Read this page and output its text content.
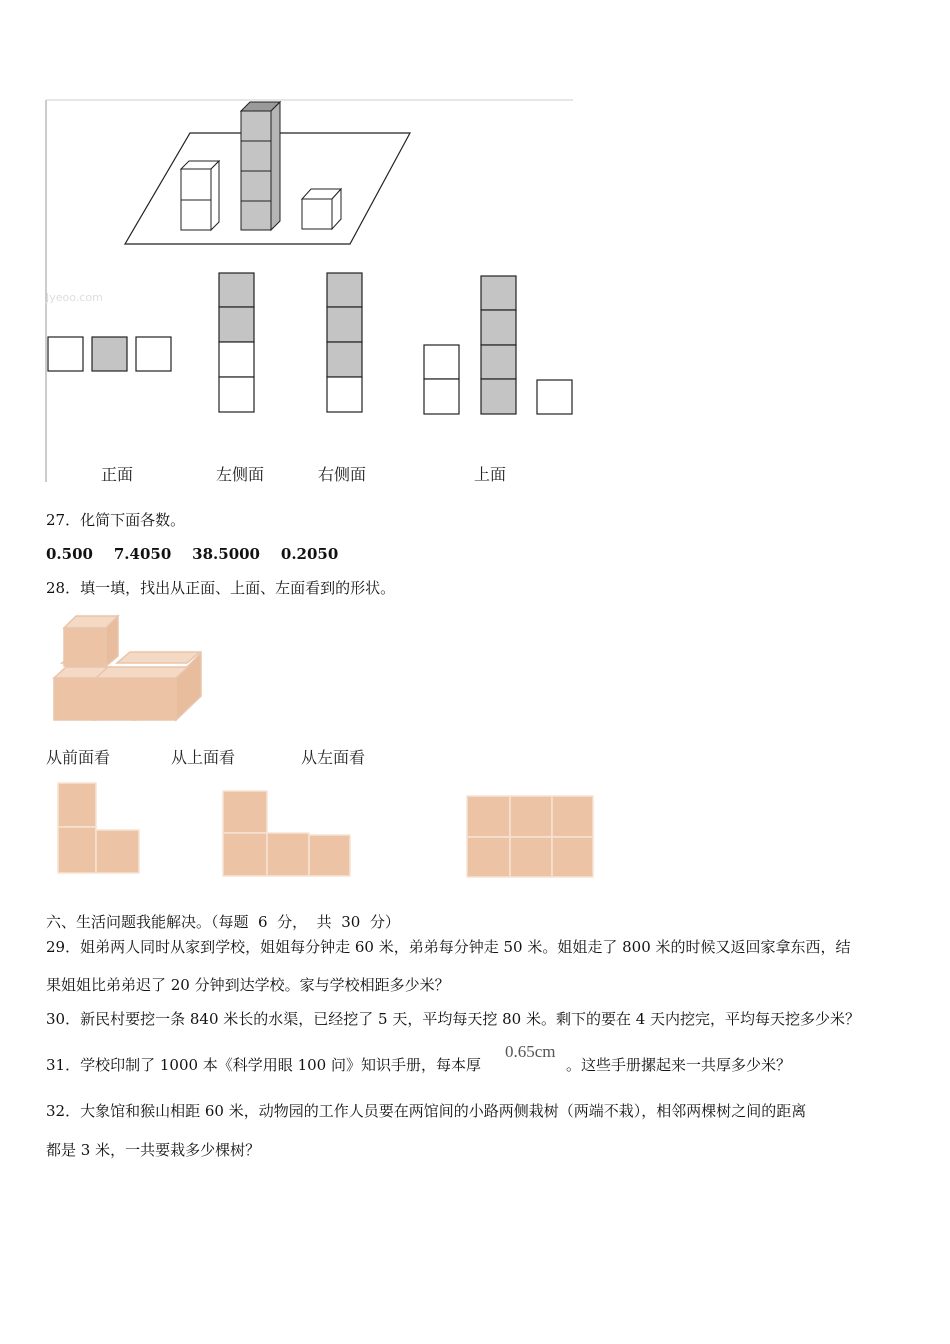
Jyeoo.com
正面	左侧面	右侧面	上面
27．化简下面各数。
0.500    7.4050    38.5000    0.2050
28．填一填，找出从正面、上面、左面看到的形状。
从前面看	从上面看	从左面看
六、生活问题我能解决。（每题  6  分，  共  30  分）
29．姐弟两人同时从家到学校，姐姐每分钟走 60 米，弟弟每分钟走 50 米。姐姐走了 800 米的时候又返回家拿东西，结
果姐姐比弟弟迟了 20 分钟到达学校。家与学校相距多少米？
30．新民村要挖一条 840 米长的水渠，已经挖了 5 天，平均每天挖 80 米。剩下的要在 4 天内挖完，平均每天挖多少米？
31．学校印制了 1000 本《科学用眼 100 问》知识手册，每本厚
0.65cm
。这些手册摞起来一共厚多少米？
32．大象馆和猴山相距 60 米，动物园的工作人员要在两馆间的小路两侧栽树（两端不栽），相邻两棵树之间的距离
都是 3 米，一共要栽多少棵树？
